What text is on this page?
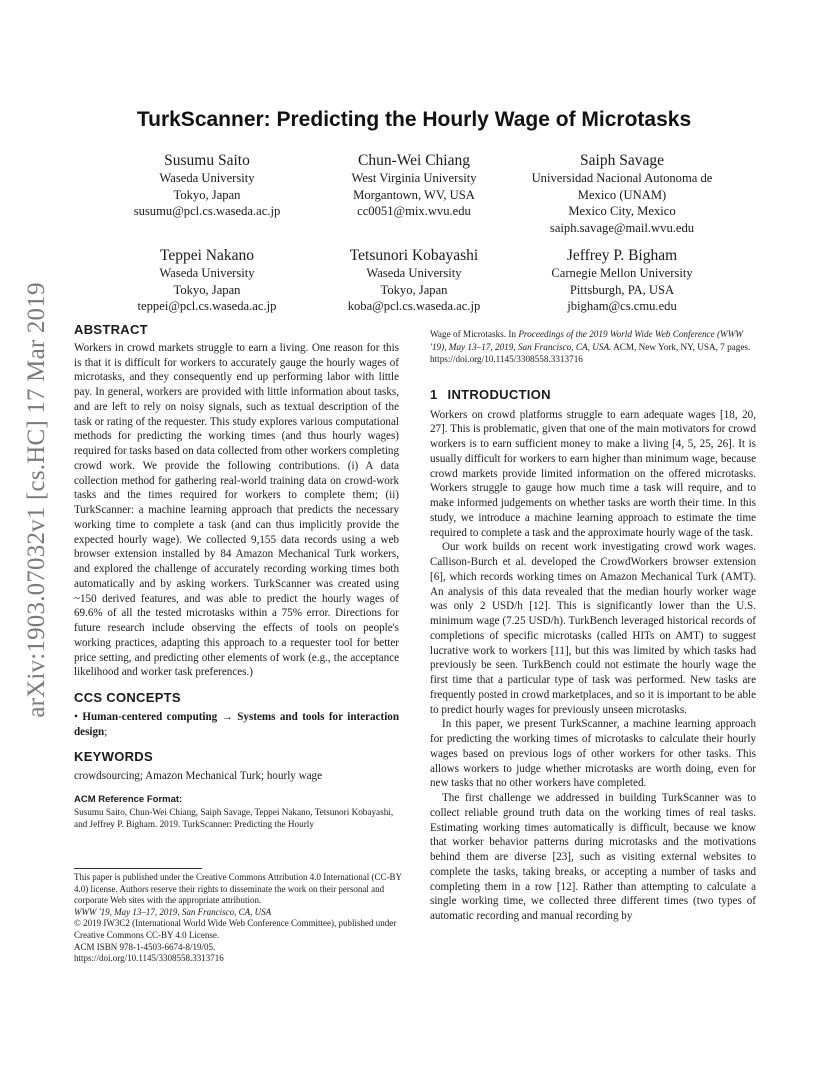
arXiv:1903.07032v1 [cs.HC] 17 Mar 2019
TurkScanner: Predicting the Hourly Wage of Microtasks
Susumu Saito
Waseda University
Tokyo, Japan
susumu@pcl.cs.waseda.ac.jp
Chun-Wei Chiang
West Virginia University
Morgantown, WV, USA
cc0051@mix.wvu.edu
Saiph Savage
Universidad Nacional Autonoma de
Mexico (UNAM)
Mexico City, Mexico
saiph.savage@mail.wvu.edu
Teppei Nakano
Waseda University
Tokyo, Japan
teppei@pcl.cs.waseda.ac.jp
Tetsunori Kobayashi
Waseda University
Tokyo, Japan
koba@pcl.cs.waseda.ac.jp
Jeffrey P. Bigham
Carnegie Mellon University
Pittsburgh, PA, USA
jbigham@cs.cmu.edu
ABSTRACT

Workers in crowd markets struggle to earn a living. One reason for this is that it is difficult for workers to accurately gauge the hourly wages of microtasks, and they consequently end up performing labor with little pay. In general, workers are provided with little information about tasks, and are left to rely on noisy signals, such as textual description of the task or rating of the requester. This study explores various computational methods for predicting the working times (and thus hourly wages) required for tasks based on data collected from other workers completing crowd work. We provide the following contributions. (i) A data collection method for gathering real-world training data on crowd-work tasks and the times required for workers to complete them; (ii) TurkScanner: a machine learning approach that predicts the necessary working time to complete a task (and can thus implicitly provide the expected hourly wage). We collected 9,155 data records using a web browser extension installed by 84 Amazon Mechanical Turk workers, and explored the challenge of accurately recording working times both automatically and by asking workers. TurkScanner was created using ~150 derived features, and was able to predict the hourly wages of 69.6% of all the tested microtasks within a 75% error. Directions for future research include observing the effects of tools on people's working practices, adapting this approach to a requester tool for better price setting, and predicting other elements of work (e.g., the acceptance likelihood and worker task preferences.)

CCS CONCEPTS

• Human-centered computing → Systems and tools for interaction design;

KEYWORDS

crowdsourcing; Amazon Mechanical Turk; hourly wage

ACM Reference Format:

Susumu Saito, Chun-Wei Chiang, Saiph Savage, Teppei Nakano, Tetsunori Kobayashi, and Jeffrey P. Bigham. 2019. TurkScanner: Predicting the Hourly

This paper is published under the Creative Commons Attribution 4.0 International (CC-BY 4.0) license. Authors reserve their rights to disseminate the work on their personal and corporate Web sites with the appropriate attribution.

WWW '19, May 13–17, 2019, San Francisco, CA, USA

© 2019 IW3C2 (International World Wide Web Conference Committee), published under Creative Commons CC-BY 4.0 License.

ACM ISBN 978-1-4503-6674-8/19/05.

https://doi.org/10.1145/3308558.3313716

Wage of Microtasks. In Proceedings of the 2019 World Wide Web Conference (WWW '19), May 13–17, 2019, San Francisco, CA, USA. ACM, New York, NY, USA, 7 pages. https://doi.org/10.1145/3308558.3313716

1 INTRODUCTION

Workers on crowd platforms struggle to earn adequate wages [18, 20, 27]. This is problematic, given that one of the main motivators for crowd workers is to earn sufficient money to make a living [4, 5, 25, 26]. It is usually difficult for workers to earn higher than minimum wage, because crowd markets provide limited information on the offered microtasks. Workers struggle to gauge how much time a task will require, and to make informed judgements on whether tasks are worth their time. In this study, we introduce a machine learning approach to estimate the time required to complete a task and the approximate hourly wage of the task.

Our work builds on recent work investigating crowd work wages. Callison-Burch et al. developed the CrowdWorkers browser extension [6], which records working times on Amazon Mechanical Turk (AMT). An analysis of this data revealed that the median hourly worker wage was only 2 USD/h [12]. This is significantly lower than the U.S. minimum wage (7.25 USD/h). TurkBench leveraged historical records of completions of specific microtasks (called HITs on AMT) to suggest lucrative work to workers [11], but this was limited by which tasks had previously be seen. TurkBench could not estimate the hourly wage the first time that a particular type of task was performed. New tasks are frequently posted in crowd marketplaces, and so it is important to be able to predict hourly wages for previously unseen microtasks.

In this paper, we present TurkScanner, a machine learning approach for predicting the working times of microtasks to calculate their hourly wages based on previous logs of other workers for other tasks. This allows workers to judge whether microtasks are worth doing, even for new tasks that no other workers have completed.

The first challenge we addressed in building TurkScanner was to collect reliable ground truth data on the working times of real tasks. Estimating working times automatically is difficult, because we know that worker behavior patterns during microtasks and the motivations behind them are diverse [23], such as visiting external websites to complete the tasks, taking breaks, or accepting a number of tasks and completing them in a row [12]. Rather than attempting to calculate a single working time, we collected three different times (two types of automatic recording and manual recording by
